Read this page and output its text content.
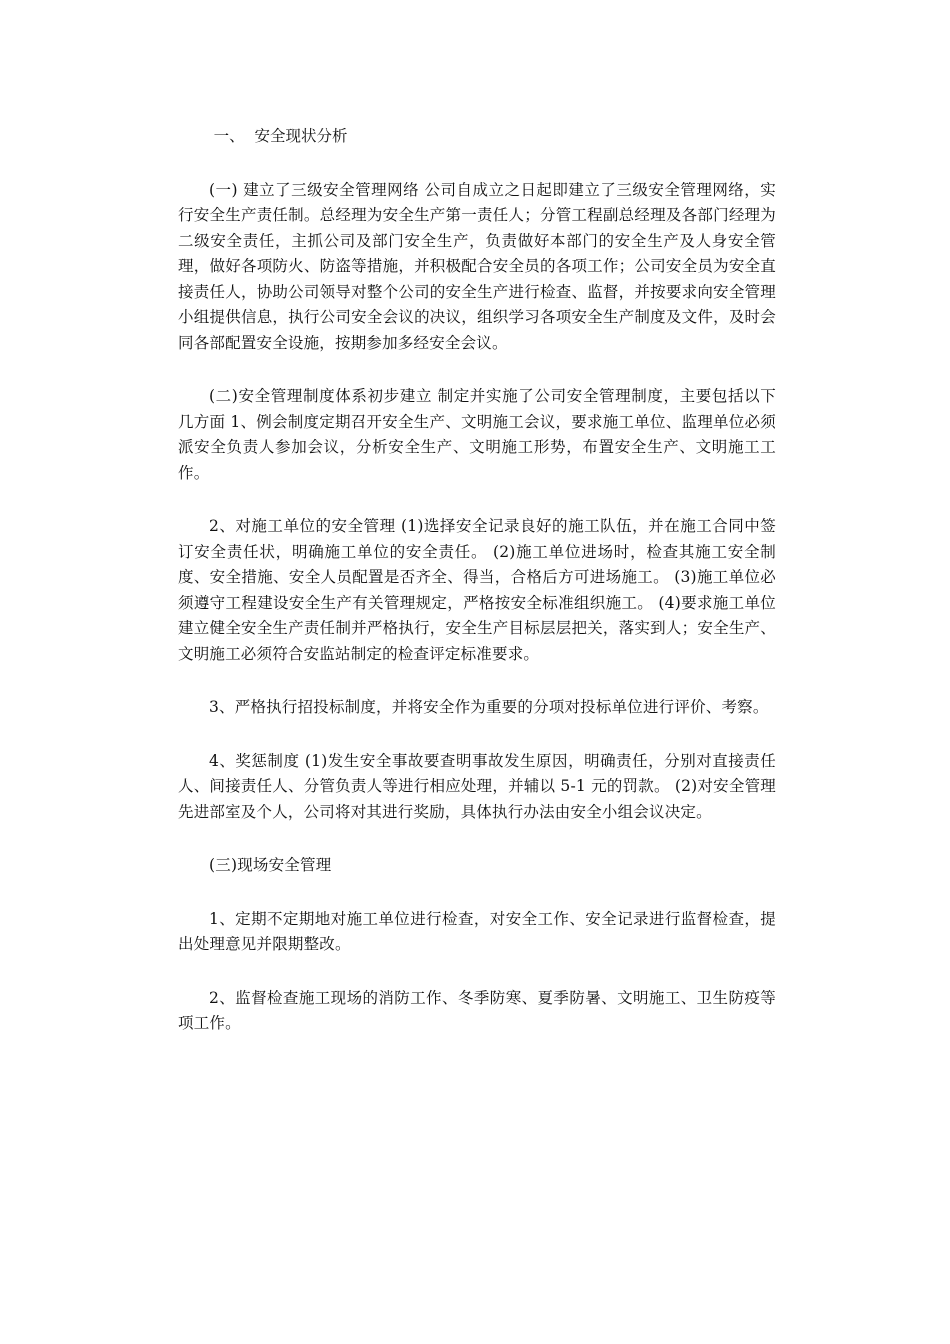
一、  安全现状分析

(一) 建立了三级安全管理网络 公司自成立之日起即建立了三级安全管理网络，实行安全生产责任制。总经理为安全生产第一责任人；分管工程副总经理及各部门经理为二级安全责任，主抓公司及部门安全生产，负责做好本部门的安全生产及人身安全管理，做好各项防火、防盗等措施，并积极配合安全员的各项工作；公司安全员为安全直接责任人，协助公司领导对整个公司的安全生产进行检查、监督，并按要求向安全管理小组提供信息，执行公司安全会议的决议，组织学习各项安全生产制度及文件，及时会同各部配置安全设施，按期参加多经安全会议。

(二)安全管理制度体系初步建立 制定并实施了公司安全管理制度，主要包括以下几方面 1、例会制度定期召开安全生产、文明施工会议，要求施工单位、监理单位必须派安全负责人参加会议，分析安全生产、文明施工形势，布置安全生产、文明施工工作。

2、对施工单位的安全管理 (1)选择安全记录良好的施工队伍，并在施工合同中签订安全责任状，明确施工单位的安全责任。 (2)施工单位进场时，检查其施工安全制度、安全措施、安全人员配置是否齐全、得当，合格后方可进场施工。 (3)施工单位必须遵守工程建设安全生产有关管理规定，严格按安全标准组织施工。 (4)要求施工单位建立健全安全生产责任制并严格执行，安全生产目标层层把关，落实到人；安全生产、文明施工必须符合安监站制定的检查评定标准要求。

3、严格执行招投标制度，并将安全作为重要的分项对投标单位进行评价、考察。

4、奖惩制度 (1)发生安全事故要查明事故发生原因，明确责任，分别对直接责任人、间接责任人、分管负责人等进行相应处理，并辅以 5-1 元的罚款。 (2)对安全管理先进部室及个人，公司将对其进行奖励，具体执行办法由安全小组会议决定。

(三)现场安全管理

1、定期不定期地对施工单位进行检查，对安全工作、安全记录进行监督检查，提出处理意见并限期整改。

2、监督检查施工现场的消防工作、冬季防寒、夏季防暑、文明施工、卫生防疫等项工作。
